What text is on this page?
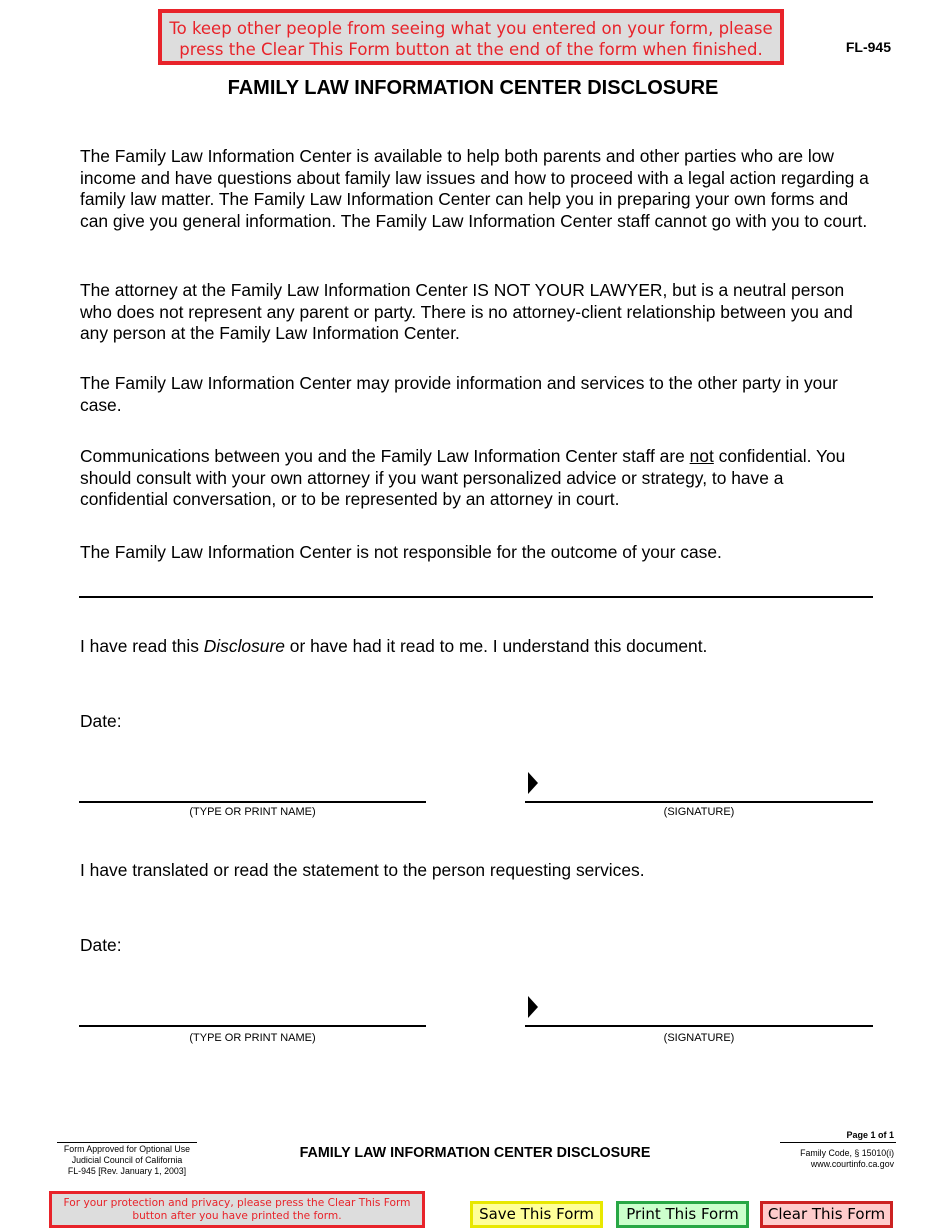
To keep other people from seeing what you entered on your form, please
press the Clear This Form button at the end of the form when finished.	FL-945
FAMILY LAW INFORMATION CENTER DISCLOSURE
The Family Law Information Center is available to help both parents and other parties who are low income and have questions about family law issues and how to proceed with a legal action regarding a family law matter. The Family Law Information Center can help you in preparing your own forms and can give you general information. The Family Law Information Center staff cannot go with you to court.
The attorney at the Family Law Information Center IS NOT YOUR LAWYER, but is a neutral person who does not represent any parent or party. There is no attorney-client relationship between you and any person at the Family Law Information Center.
The Family Law Information Center may provide information and services to the other party in your case.
Communications between you and the Family Law Information Center staff are not confidential. You should consult with your own attorney if you want personalized advice or strategy, to have a confidential conversation, or to be represented by an attorney in court.
The Family Law Information Center is not responsible for the outcome of your case.
I have read this Disclosure or have had it read to me. I understand this document.
Date:
(TYPE OR PRINT NAME)	(SIGNATURE)
I have translated or read the statement to the person requesting services.
Date:
(TYPE OR PRINT NAME)	(SIGNATURE)
Page 1 of 1
Form Approved for Optional Use
Judicial Council of California
FL-945 [Rev. January 1, 2003]
FAMILY LAW INFORMATION CENTER DISCLOSURE	Family Code, § 15010(i)
www.courtinfo.ca.gov
For your protection and privacy, please press the Clear This Form
button after you have printed the form.	Save This Form	Print This Form	Clear This Form
